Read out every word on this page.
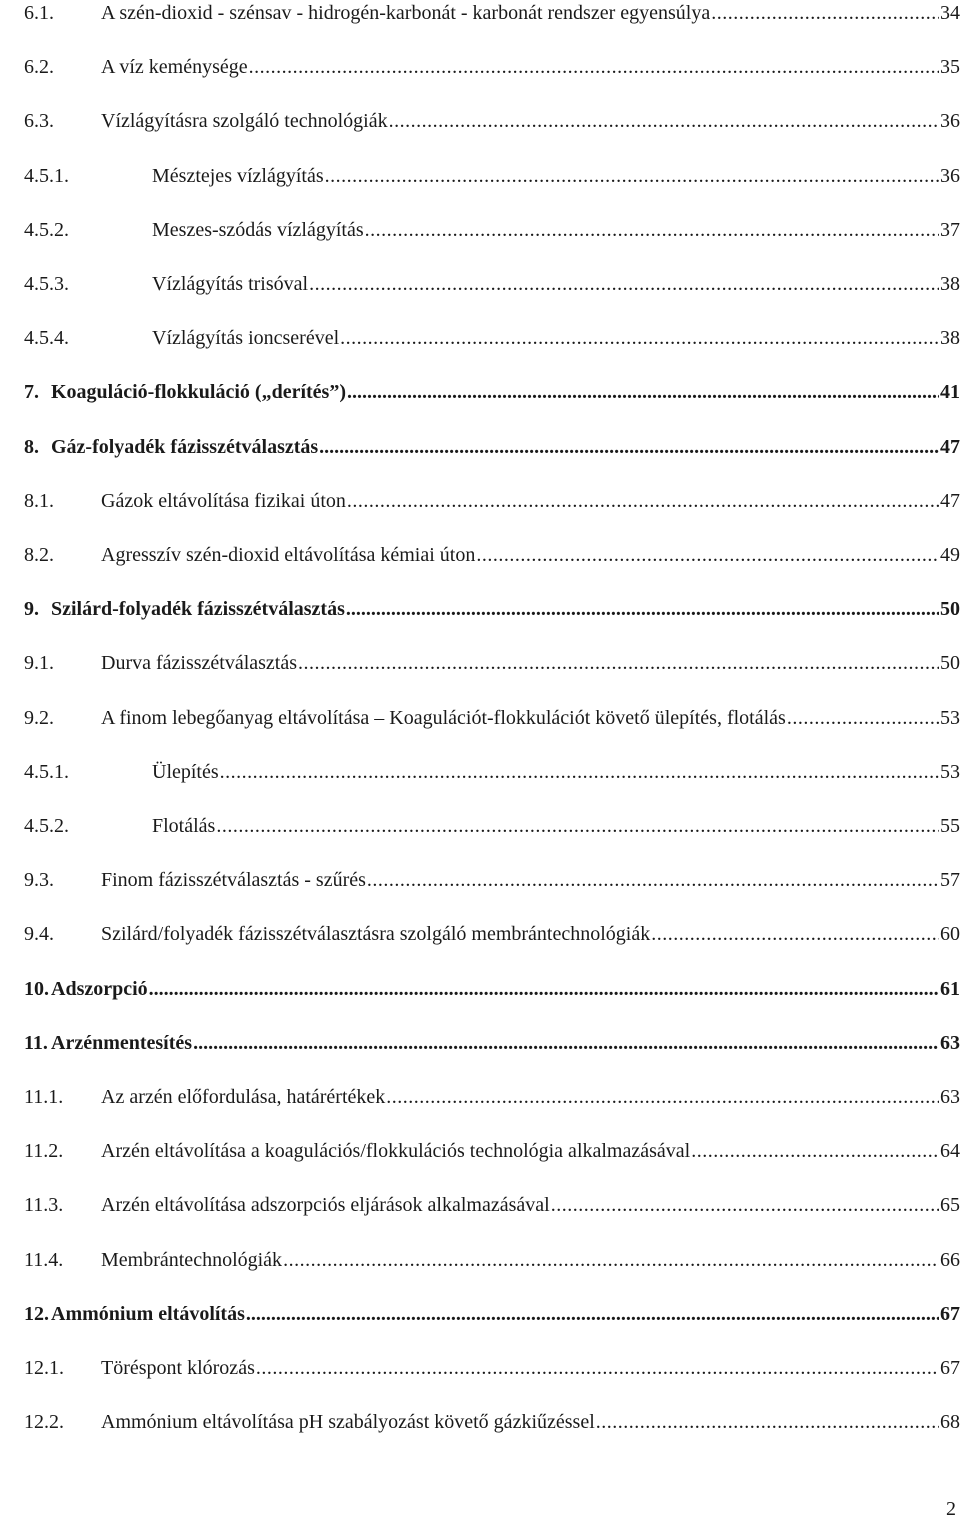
6.1.	A szén-dioxid - szénsav - hidrogén-karbonát - karbonát rendszer egyensúlya .....	34
6.2.	A víz keménysége .....	35
6.3.	Vízlágyításra szolgáló technológiák .....	36
4.5.1.	Mésztejes vízlágyítás .....	36
4.5.2.	Meszes-szódás vízlágyítás .....	37
4.5.3.	Vízlágyítás trisóval .....	38
4.5.4.	Vízlágyítás ioncserével .....	38
7. Koaguláció-flokkuláció („derítés”) .....	41
8. Gáz-folyadék fázisszétválasztás .....	47
8.1.	Gázok eltávolítása fizikai úton .....	47
8.2.	Agresszív szén-dioxid eltávolítása kémiai úton .....	49
9. Szilárd-folyadék fázisszétválasztás .....	50
9.1.	Durva fázisszétválasztás .....	50
9.2.	A finom lebegőanyag eltávolítása – Koagulációt-flokkulációt követő ülepítés, flotálás .....	53
4.5.1.	Ülepítés .....	53
4.5.2.	Flotálás .....	55
9.3.	Finom fázisszétválasztás - szűrés .....	57
9.4.	Szilárd/folyadék fázisszétválasztásra szolgáló membrántechnológiák .....	60
10. Adszorpció .....	61
11. Arzénmentesítés .....	63
11.1.	Az arzén előfordulása, határértékek .....	63
11.2.	Arzén eltávolítása a koagulációs/flokkulációs technológia alkalmazásával .....	64
11.3.	Arzén eltávolítása adszorpciós eljárások alkalmazásával .....	65
11.4.	Membrántechnológiák .....	66
12. Ammónium eltávolítás .....	67
12.1.	Töréspont klórozás .....	67
12.2.	Ammónium eltávolítása pH szabályozást követő gázkiűzéssel .....	68
2
